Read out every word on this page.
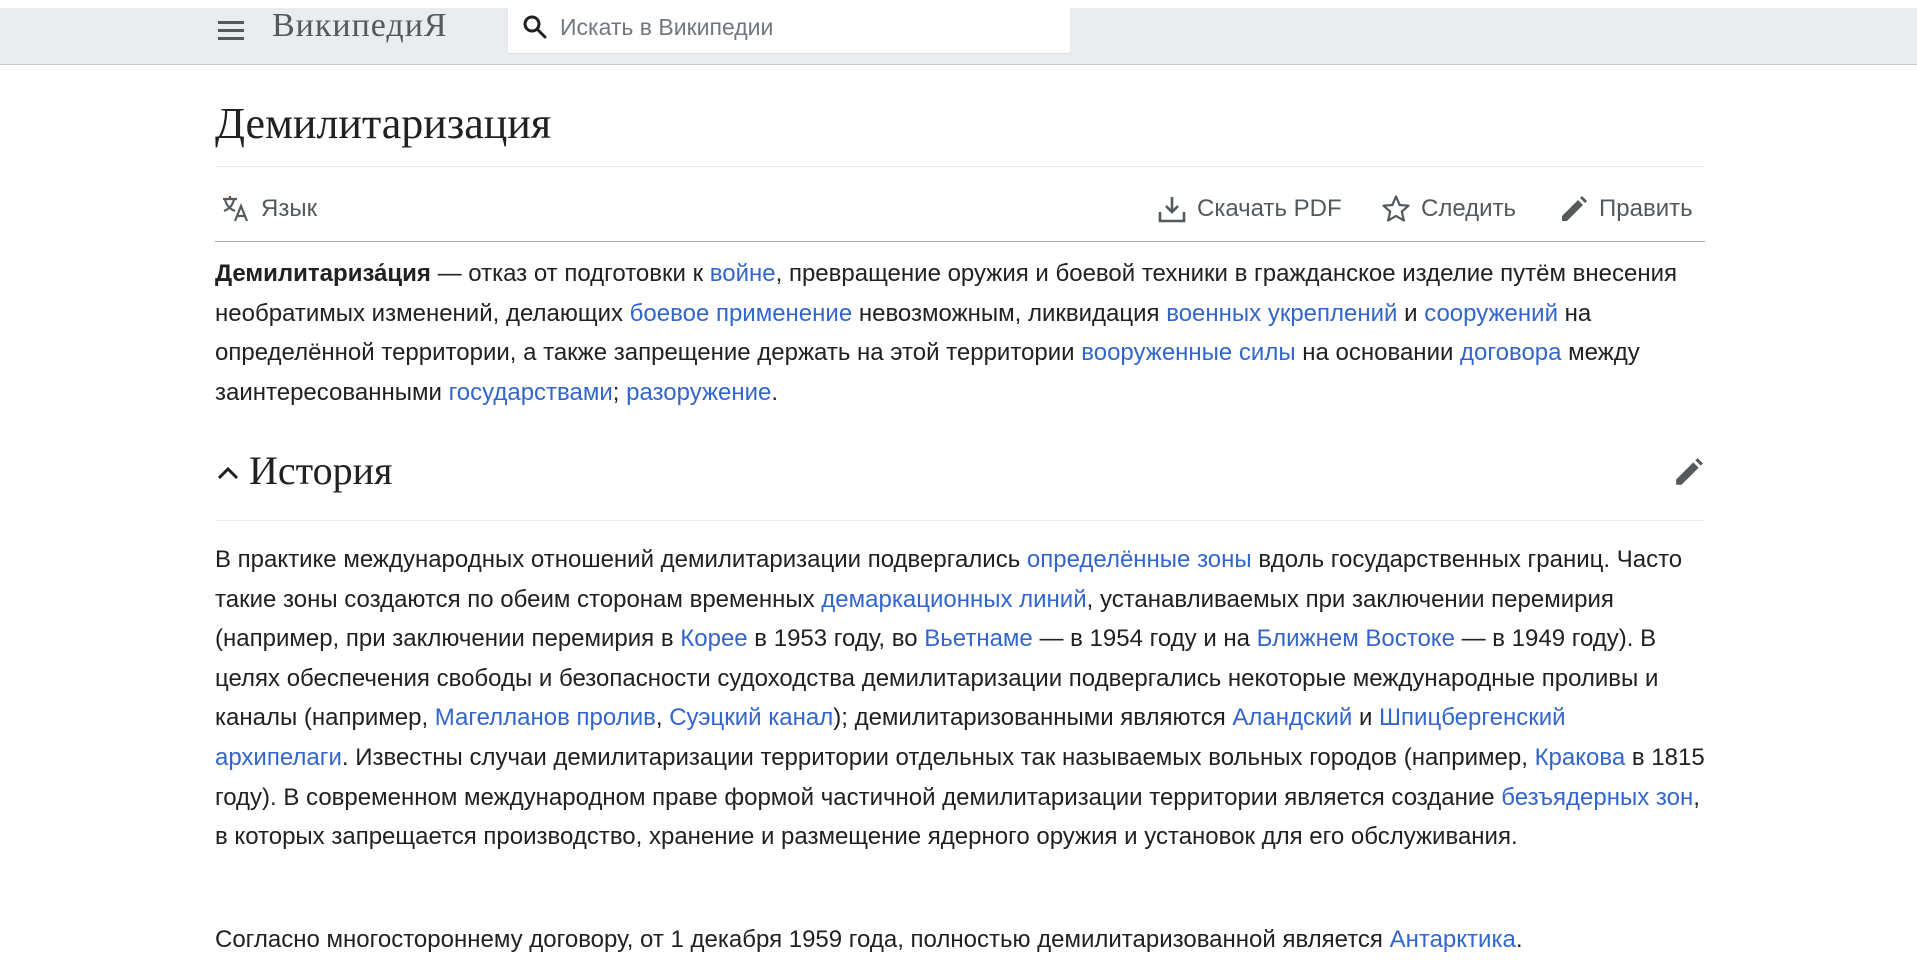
ВикипедиЯ
Искать в Википедии
Демилитаризация
Язык	Скачать PDF	Следить	Править

Демилитариза́ция — отказ от подготовки к войне, превращение оружия и боевой техники в гражданское изделие путём внесения необратимых изменений, делающих боевое применение невозможным, ликвидация военных укреплений и сооружений на определённой территории, а также запрещение держать на этой территории вооруженные силы на основании договора между заинтересованными государствами; разоружение.

История

В практике международных отношений демилитаризации подвергались определённые зоны вдоль государственных границ. Часто такие зоны создаются по обеим сторонам временных демаркационных линий, устанавливаемых при заключении перемирия (например, при заключении перемирия в Корее в 1953 году, во Вьетнаме — в 1954 году и на Ближнем Востоке — в 1949 году). В целях обеспечения свободы и безопасности судоходства демилитаризации подвергались некоторые международные проливы и каналы (например, Магелланов пролив, Суэцкий канал); демилитаризованными являются Аландский и Шпицбергенский архипелаги. Известны случаи демилитаризации территории отдельных так называемых вольных городов (например, Кракова в 1815 году). В современном международном праве формой частичной демилитаризации территории является создание безъядерных зон, в которых запрещается производство, хранение и размещение ядерного оружия и установок для его обслуживания.

Согласно многостороннему договору, от 1 декабря 1959 года, полностью демилитаризованной является Антарктика.
